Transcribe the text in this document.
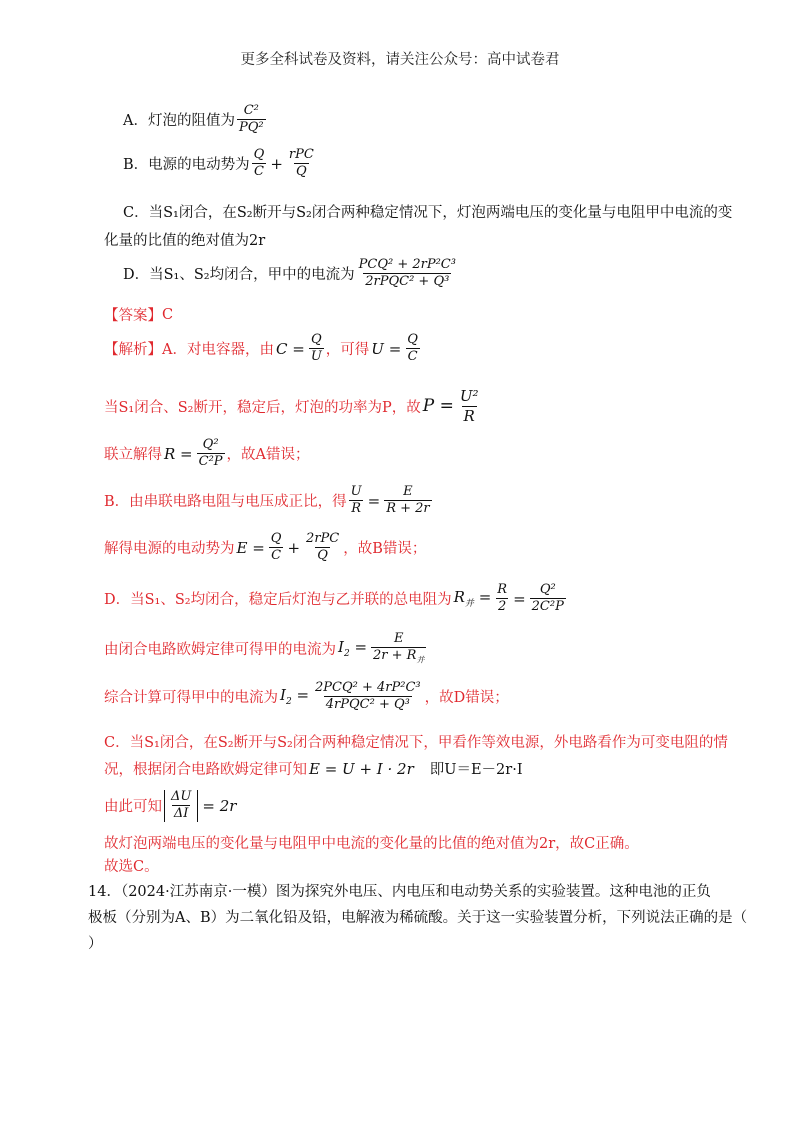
更多全科试卷及资料，请关注公众号：高中试卷君
A．灯泡的阻值为 $\frac{\text{C²}}{\text{PQ²}}$
B．电源的电动势为 $\frac{Q}{C} + \frac{\text{rPC}}{Q}$
C．当S₁闭合，在S₂断开与S₂闭合两种稳定情况下，灯泡两端电压的变化量与电阻甲中电流的变
化量的比值的绝对值为2r
D．当S₁、S₂均闭合，甲中的电流为 $\frac{\text{PCQ² + 2rP²C³}}{\text{2rPQC² + Q³}}$
【答案】 C
【解析】 A．对电容器，由 $C = \frac{Q}{U}$ ，可得 $U = \frac{Q}{C}$
当S₁闭合、S₂断开，稳定后，灯泡的功率为P，故 $P = \frac{\text{U²}}{R}$
联立解得 $R = \frac{\text{Q²}}{\text{C²P}}$ ，故A错误；
B．由串联电路电阻与电压成正比，得 $\frac{U}{R} = \frac{E}{R + 2r}$
解得电源的电动势为 $E = \frac{Q}{C} + \frac{\text{2rPC}}{Q}$ ，故B错误；
D．当S₁、S₂均闭合，稳定后灯泡与乙并联的总电阻为 $R_并 = \frac{R}{2} = \frac{\text{Q²}}{\text{2C²P}}$
由闭合电路欧姆定律可得甲的电流为 $I_2 = \frac{E}{2r + R_并}$
综合计算可得甲中的电流为 $I_2 = \frac{\text{2PCQ² + 4rP²C³}}{\text{4rPQC² + Q³}}$ ，故D错误；
C．当S₁闭合，在S₂断开与S₂闭合两种稳定情况下，甲看作等效电源，外电路看作为可变电阻的情
况，根据闭合电路欧姆定律可知 E = U + I · 2r 即U＝E－2r·I
由此可知 $\frac{\Delta U}{\Delta I} = 2r$
故灯泡两端电压的变化量与电阻甲中电流的变化量的比值的绝对值为2r，故C正确。
故选C。
14．（2024·江苏南京·一模）图为探究外电压、内电压和电动势关系的实验装置。这种电池的正负
极板（分别为A、B）为二氧化铅及铅，电解液为稀硫酸。关于这一实验装置分析，下列说法正确的是（
）
